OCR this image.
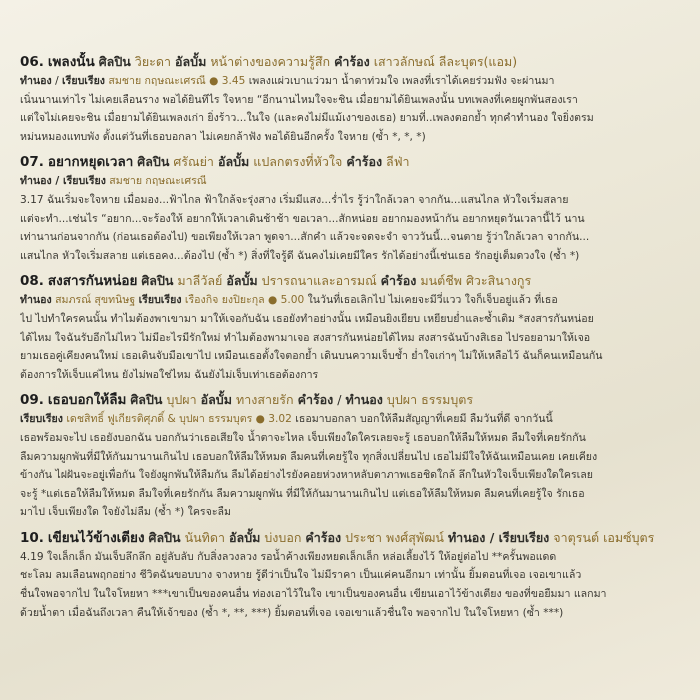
06. เพลงนั้น ศิลปิน วิยะดา อัลบั้ม หน้าต่างของความรู้สึก คำร้อง เสาวลักษณ์ ลีละบุตร(แอม)
ทำนอง / เรียบเรียง สมชาย กฤษณะเศรณี ● 3.45 เพลงแผ่วเบาแว่วมา น้ำตาท่วมใจ เพลงที่เราได้เคยร่วมฟัง จะผ่านมา
เนิ่นนานเท่าไร ไม่เคยเลือนราง พอได้ยินทีไร ใจหาย “อีกนานไหมใจจะชิน เมื่อยามได้ยินเพลงนั้น บทเพลงที่เคยผูกพันสองเรา
แต่ใจไม่เคยจะชิน เมื่อยามได้ยินเพลงเก่า ยิ่งร้าว...ในใจ (และคงไม่มีแม้เงาของเธอ) ยามที่..เพลงตอกย้ำ ทุกคำทำนอง ใจยิ่งตรม
หม่นหมองแทบพัง ตั้งแต่วันที่เธอบอกลา ไม่เคยกล้าฟัง พอได้ยินอีกครั้ง ใจหาย (ซ้ำ *, *, *)
07. อยากหยุดเวลา ศิลปิน ศรัณย่า อัลบั้ม แปลกตรงที่หัวใจ คำร้อง ลีฟ่า
ทำนอง / เรียบเรียง สมชาย กฤษณะเศรณี
3.17 ฉันเริ่มจะใจหาย เมื่อมอง...ฟ้าไกล ฟ้าใกล้จะรุ่งสาง เริ่มมีแสง...ร่ำไร รู้ว่าใกล้เวลา จากกัน...แสนไกล หัวใจเริ่มสลาย
แต่จะทำ...เช่นไร “อยาก...จะร้องให้ อยากให้เวลาเดินช้าช้า ขอเวลา...สักหน่อย อยากมองหน้ากัน อยากหยุดวันเวลานี้ไว้ นาน
เท่านานก่อนจากกัน (ก่อนเธอต้องไป) ขอเพียงให้เวลา พูดจา...สักคำ แล้วจะจดจะจำ จาววันนี้...จนตาย รู้ว่าใกล้เวลา จากกัน...
แสนไกล หัวใจเริ่มสลาย แต่เธอคง...ต้องไป (ซ้ำ *) สิ่งที่ใจรู้ดี ฉันคงไม่เคยมีใคร รักได้อย่างนี้เช่นเธอ รักอยู่เต็มดวงใจ (ซ้ำ *)
08. สงสารกันหน่อย ศิลปิน มาลีวัลย์ อัลบั้ม ปรารถนาและอารมณ์ คำร้อง มนต์ชีพ ศิวะสินางกูร
ทำนอง สมภรณ์ สุขทนิษฐ เรียบเรียง เรืองกิจ ยงปิยะกุล ● 5.00 ในวันที่เธอเลิกไป ไม่เคยจะมีวี่แวว ใจก็เจ็บอยู่แล้ว ที่เธอ
ไป ไปทำใครคนนั้น ทำไมต้องพาเขามา มาให้เจอกับฉัน เธอยังทำอย่างนั้น เหมือนยิงเยียบ เหยียบย่ำและซ้ำเติม *สงสารกันหน่อย
ได้ไหม ใจฉันรับอีกไม่ไหว ไม่มีอะไรมีรักใหม่ ทำไมต้องพามาเจอ สงสารกันหน่อยได้ไหม สงสารฉันบ้างสิเธอ ไปรอยอามาให้เจอ
ยามเธอคู่เคียงคนใหม่ เธอเดินจับมือเขาไป เหมือนเธอตั้งใจตอกย้ำ เดินบนความเจ็บช้ำ ย่ำใจเก่าๆ ไม่ให้เหลือไว้ ฉันก็คนเหมือนกัน
ต้องการให้เจ็บแค่ไหน ยังไม่พอใช่ไหม ฉันยังไม่เจ็บเท่าเธอต้องการ
09. เธอบอกให้ลืม ศิลปิน บุปผา อัลบั้ม ทางสายรัก คำร้อง / ทำนอง บุปผา ธรรมบุตร
เรียบเรียง เดชสิทธิ์ ฟูเกียรติศุภดิ์ & บุปผา ธรรมบุตร ● 3.02 เธอมาบอกลา บอกให้ลืมสัญญาที่เคยมี ลืมวันที่ดี จากวันนี้
เธอพร้อมจะไป เธอยังบอกฉัน บอกกันว่าเธอเสียใจ น้ำตาจะไหล เจ็บเพียงใดใครเลยจะรู้ เธอบอกให้ลืมให้หมด ลืมใจที่เคยรักกัน
ลืมความผูกพันที่มีให้กันมานานเกินไป เธอบอกให้ลืมให้หมด ลืมคนที่เคยรู้ใจ ทุกสิ่งเปลี่ยนไป เธอไม่มีใจให้ฉันเหมือนเคย เคยเคียง
ข้างกัน ไฝฝันจะอยู่เพื่อกัน ใจยังผูกพันให้ลืมกัน ลืมได้อย่างไรยังคอยห่วงหาหลับตาภาพเธอชิดใกล้ ลึกในหัวใจเจ็บเพียงใดใครเลย
จะรู้ *แต่เธอให้ลืมให้หมด ลืมใจที่เคยรักกัน ลืมความผูกพัน ที่มีให้กันมานานเกินไป แต่เธอให้ลืมให้หมด ลืมคนที่เคยรู้ใจ รักเธอ
มาไป เจ็บเพียงใด ใจยังไม่ลืม (ซ้ำ *) ใครจะลืม
10. เขียนไว้ข้างเตียง ศิลปิน นันทิดา อัลบั้ม บ่งบอก คำร้อง ประชา พงศ์สุพัฒน์ ทำนอง / เรียบเรียง จาตุรนต์ เอมซ์บุตร
4.19 ใจเล็กเล็ก มันเจ็บลึกลึก อยู่ลับลับ กับสิ่งลวงลวง รอน้ำค้างเพียงหยดเล็กเล็ก หล่อเลี้ยงไว้ ให้อยู่ต่อไป **ครั้นพอแดด
ชะโลม ลมเลือนพฤกอย่าง ชีวิตฉันขอบบาง จางหาย รู้ดีว่าเป็นใจ ไม่มีราคา เป็นแค่คนอีกมา เท่านั้น ยิ้มตอนที่เจอ เจอเขาแล้ว
ชื่นใจพอจากไป ในใจโหยหา ***เขาเป็นของคนอื่น ท่องเอาไว้ในใจ เขาเป็นของคนอื่น เขียนเอาไว้ข้างเตียง ของที่ขอยืมมา แลกมา
ด้วยน้ำตา เมื่อฉันถึงเวลา คืนให้เจ้าของ (ซ้ำ *, **, ***) ยิ้มตอนที่เจอ เจอเขาแล้วชื่นใจ พอจากไป ในใจโหยหา (ซ้ำ ***)
